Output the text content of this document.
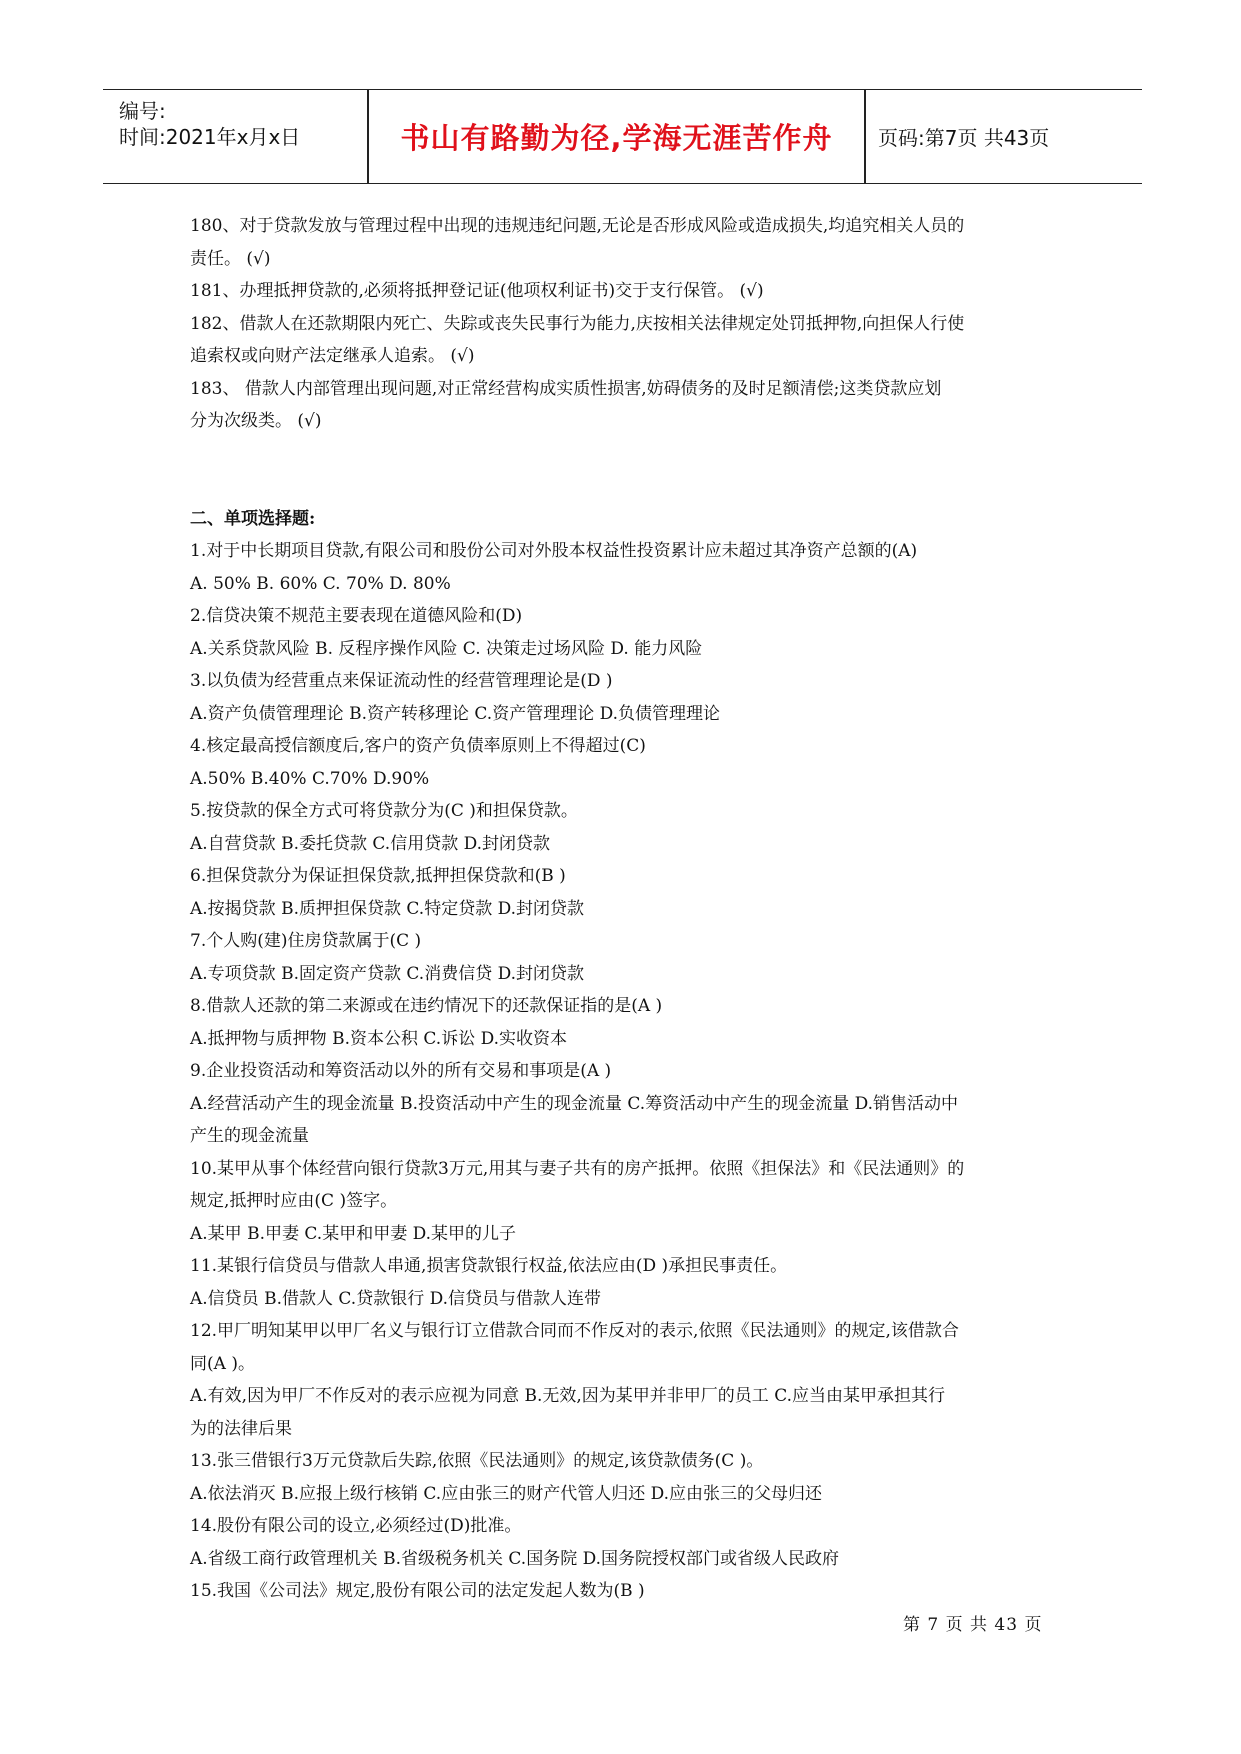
编号:
时间:2021年x月x日	书山有路勤为径,学海无涯苦作舟 页码:第7页 共43页

180、对于贷款发放与管理过程中出现的违规违纪问题,无论是否形成风险或造成损失,均追究相关人员的

责任。 (√)

181、办理抵押贷款的,必须将抵押登记证(他项权利证书)交于支行保管。 (√)

182、借款人在还款期限内死亡、失踪或丧失民事行为能力,庆按相关法律规定处罚抵押物,向担保人行使

追索权或向财产法定继承人追索。 (√)

183、 借款人内部管理出现问题,对正常经营构成实质性损害,妨碍债务的及时足额清偿;这类贷款应划

分为次级类。 (√)

二、单项选择题:

1.对于中长期项目贷款,有限公司和股份公司对外股本权益性投资累计应未超过其净资产总额的(A)

A. 50% B. 60% C. 70% D. 80%

2.信贷决策不规范主要表现在道德风险和(D)

A.关系贷款风险 B. 反程序操作风险 C. 决策走过场风险 D. 能力风险

3.以负债为经营重点来保证流动性的经营管理理论是(D )

A.资产负债管理理论 B.资产转移理论 C.资产管理理论 D.负债管理理论

4.核定最高授信额度后,客户的资产负债率原则上不得超过(C)

A.50% B.40% C.70% D.90%

5.按贷款的保全方式可将贷款分为(C )和担保贷款。

A.自营贷款 B.委托贷款 C.信用贷款 D.封闭贷款

6.担保贷款分为保证担保贷款,抵押担保贷款和(B )

A.按揭贷款 B.质押担保贷款 C.特定贷款 D.封闭贷款

7.个人购(建)住房贷款属于(C )

A.专项贷款 B.固定资产贷款 C.消费信贷 D.封闭贷款

8.借款人还款的第二来源或在违约情况下的还款保证指的是(A )

A.抵押物与质押物 B.资本公积 C.诉讼 D.实收资本

9.企业投资活动和筹资活动以外的所有交易和事项是(A )

A.经营活动产生的现金流量 B.投资活动中产生的现金流量 C.筹资活动中产生的现金流量 D.销售活动中

产生的现金流量

10.某甲从事个体经营向银行贷款3万元,用其与妻子共有的房产抵押。依照《担保法》和《民法通则》的

规定,抵押时应由(C )签字。

A.某甲 B.甲妻 C.某甲和甲妻 D.某甲的儿子

11.某银行信贷员与借款人串通,损害贷款银行权益,依法应由(D )承担民事责任。

A.信贷员 B.借款人 C.贷款银行 D.信贷员与借款人连带

12.甲厂明知某甲以甲厂名义与银行订立借款合同而不作反对的表示,依照《民法通则》的规定,该借款合

同(A )。

A.有效,因为甲厂不作反对的表示应视为同意 B.无效,因为某甲并非甲厂的员工 C.应当由某甲承担其行

为的法律后果

13.张三借银行3万元贷款后失踪,依照《民法通则》的规定,该贷款债务(C )。

A.依法消灭 B.应报上级行核销 C.应由张三的财产代管人归还 D.应由张三的父母归还

14.股份有限公司的设立,必须经过(D)批准。

A.省级工商行政管理机关 B.省级税务机关 C.国务院 D.国务院授权部门或省级人民政府

15.我国《公司法》规定,股份有限公司的法定发起人数为(B )

第 7 页 共 43 页
